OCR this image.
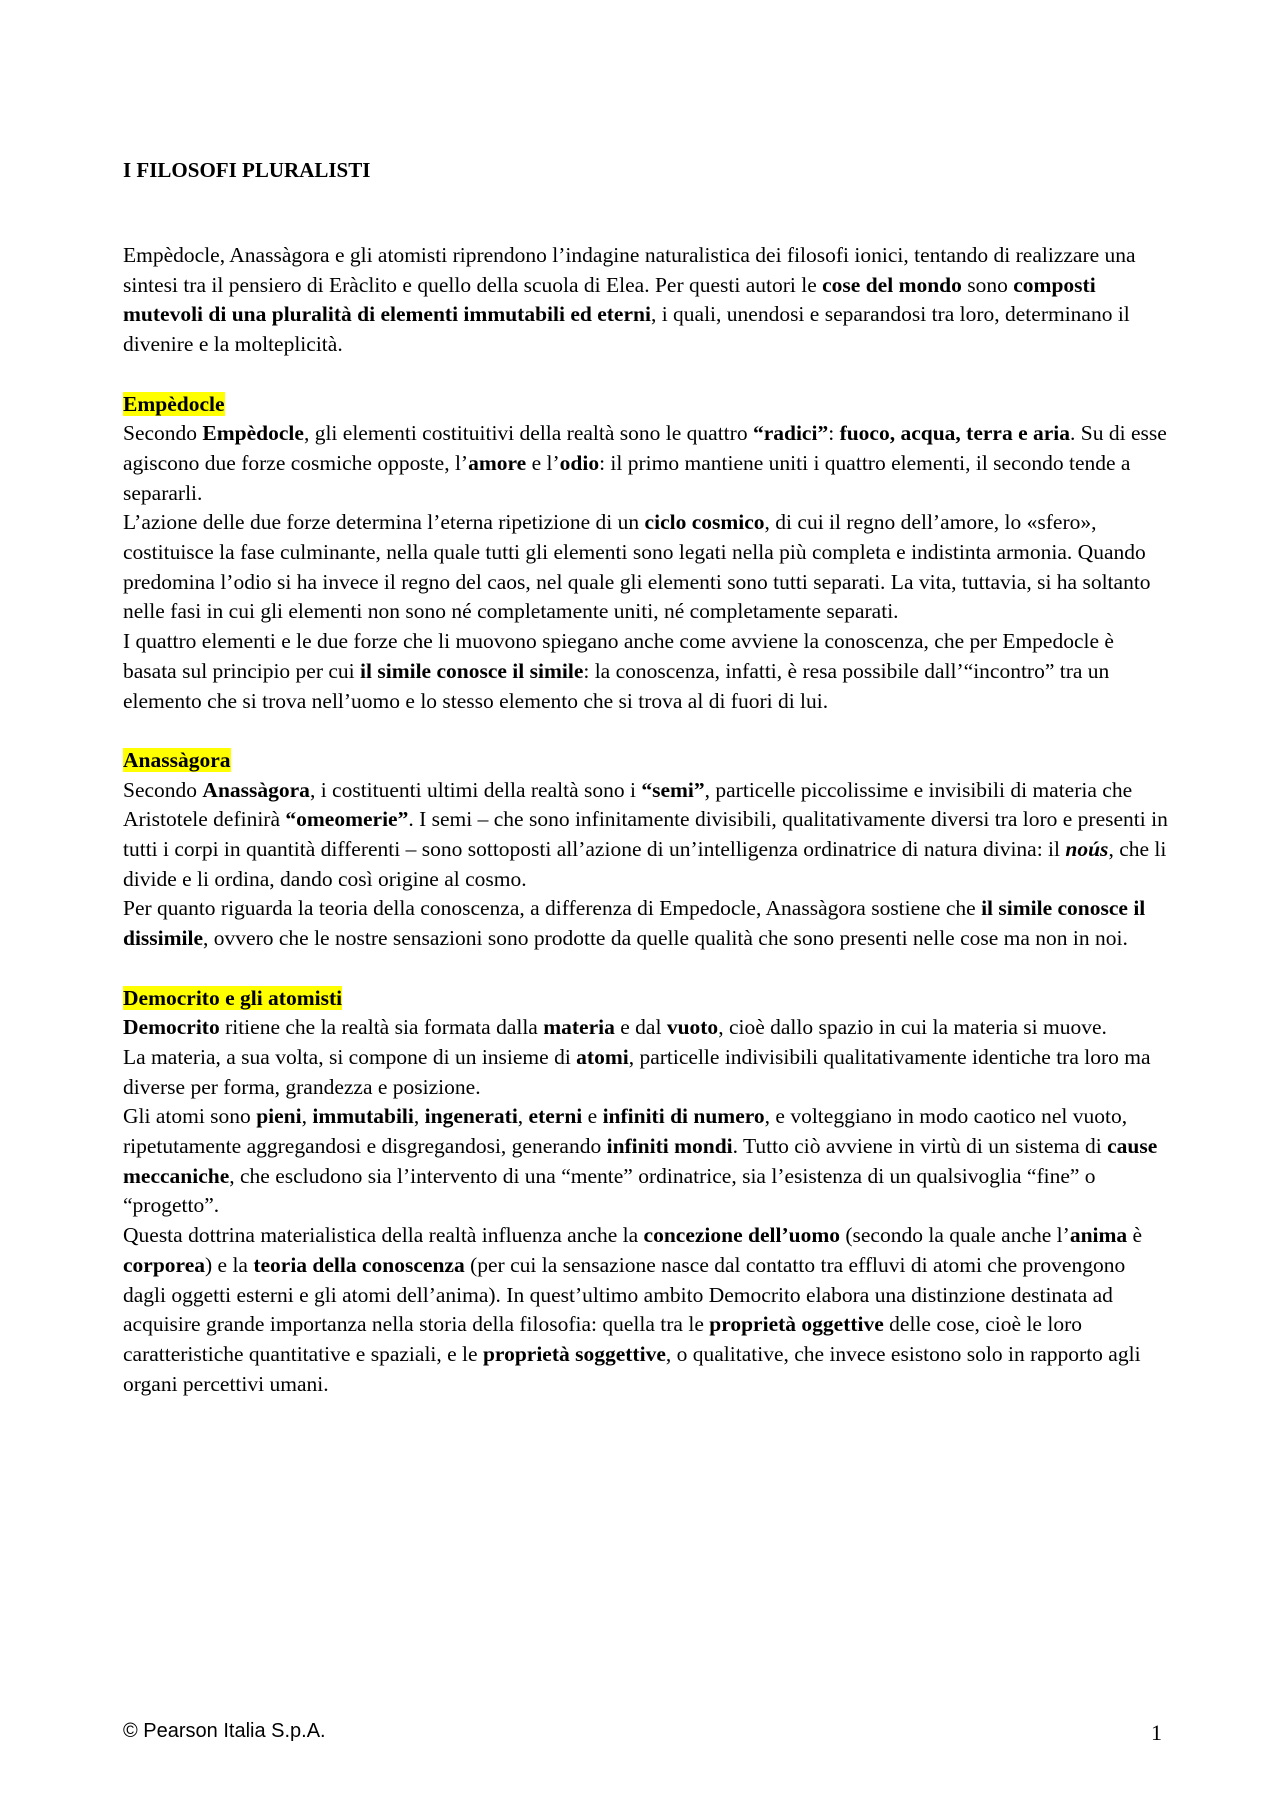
I FILOSOFI PLURALISTI

Empèdocle, Anassàgora e gli atomisti riprendono l’indagine naturalistica dei filosofi ionici, tentando di realizzare una sintesi tra il pensiero di Eràclito e quello della scuola di Elea. Per questi autori le cose del mondo sono composti mutevoli di una pluralità di elementi immutabili ed eterni, i quali, unendosi e separandosi tra loro, determinano il divenire e la molteplicità.

Empèdocle

Secondo Empèdocle, gli elementi costituitivi della realtà sono le quattro “radici”: fuoco, acqua, terra e aria. Su di esse agiscono due forze cosmiche opposte, l’amore e l’odio: il primo mantiene uniti i quattro elementi, il secondo tende a separarli.

L’azione delle due forze determina l’eterna ripetizione di un ciclo cosmico, di cui il regno dell’amore, lo «sfero», costituisce la fase culminante, nella quale tutti gli elementi sono legati nella più completa e indistinta armonia. Quando predomina l’odio si ha invece il regno del caos, nel quale gli elementi sono tutti separati. La vita, tuttavia, si ha soltanto nelle fasi in cui gli elementi non sono né completamente uniti, né completamente separati.

I quattro elementi e le due forze che li muovono spiegano anche come avviene la conoscenza, che per Empedocle è basata sul principio per cui il simile conosce il simile: la conoscenza, infatti, è resa possibile dall’“incontro” tra un elemento che si trova nell’uomo e lo stesso elemento che si trova al di fuori di lui.

Anassàgora

Secondo Anassàgora, i costituenti ultimi della realtà sono i “semi”, particelle piccolissime e invisibili di materia che Aristotele definirà “omeomerie”. I semi – che sono infinitamente divisibili, qualitativamente diversi tra loro e presenti in tutti i corpi in quantità differenti – sono sottoposti all’azione di un’intelligenza ordinatrice di natura divina: il noús, che li divide e li ordina, dando così origine al cosmo.

Per quanto riguarda la teoria della conoscenza, a differenza di Empedocle, Anassàgora sostiene che il simile conosce il dissimile, ovvero che le nostre sensazioni sono prodotte da quelle qualità che sono presenti nelle cose ma non in noi.

Democrito e gli atomisti

Democrito ritiene che la realtà sia formata dalla materia e dal vuoto, cioè dallo spazio in cui la materia si muove.

La materia, a sua volta, si compone di un insieme di atomi, particelle indivisibili qualitativamente identiche tra loro ma diverse per forma, grandezza e posizione.

Gli atomi sono pieni, immutabili, ingenerati, eterni e infiniti di numero, e volteggiano in modo caotico nel vuoto, ripetutamente aggregandosi e disgregandosi, generando infiniti mondi. Tutto ciò avviene in virtù di un sistema di cause meccaniche, che escludono sia l’intervento di una “mente” ordinatrice, sia l’esistenza di un qualsivoglia “fine” o “progetto”.

Questa dottrina materialistica della realtà influenza anche la concezione dell’uomo (secondo la quale anche l’anima è corporea) e la teoria della conoscenza (per cui la sensazione nasce dal contatto tra effluvi di atomi che provengono dagli oggetti esterni e gli atomi dell’anima). In quest’ultimo ambito Democrito elabora una distinzione destinata ad acquisire grande importanza nella storia della filosofia: quella tra le proprietà oggettive delle cose, cioè le loro caratteristiche quantitative e spaziali, e le proprietà soggettive, o qualitative, che invece esistono solo in rapporto agli organi percettivi umani.

© Pearson Italia S.p.A.	1
